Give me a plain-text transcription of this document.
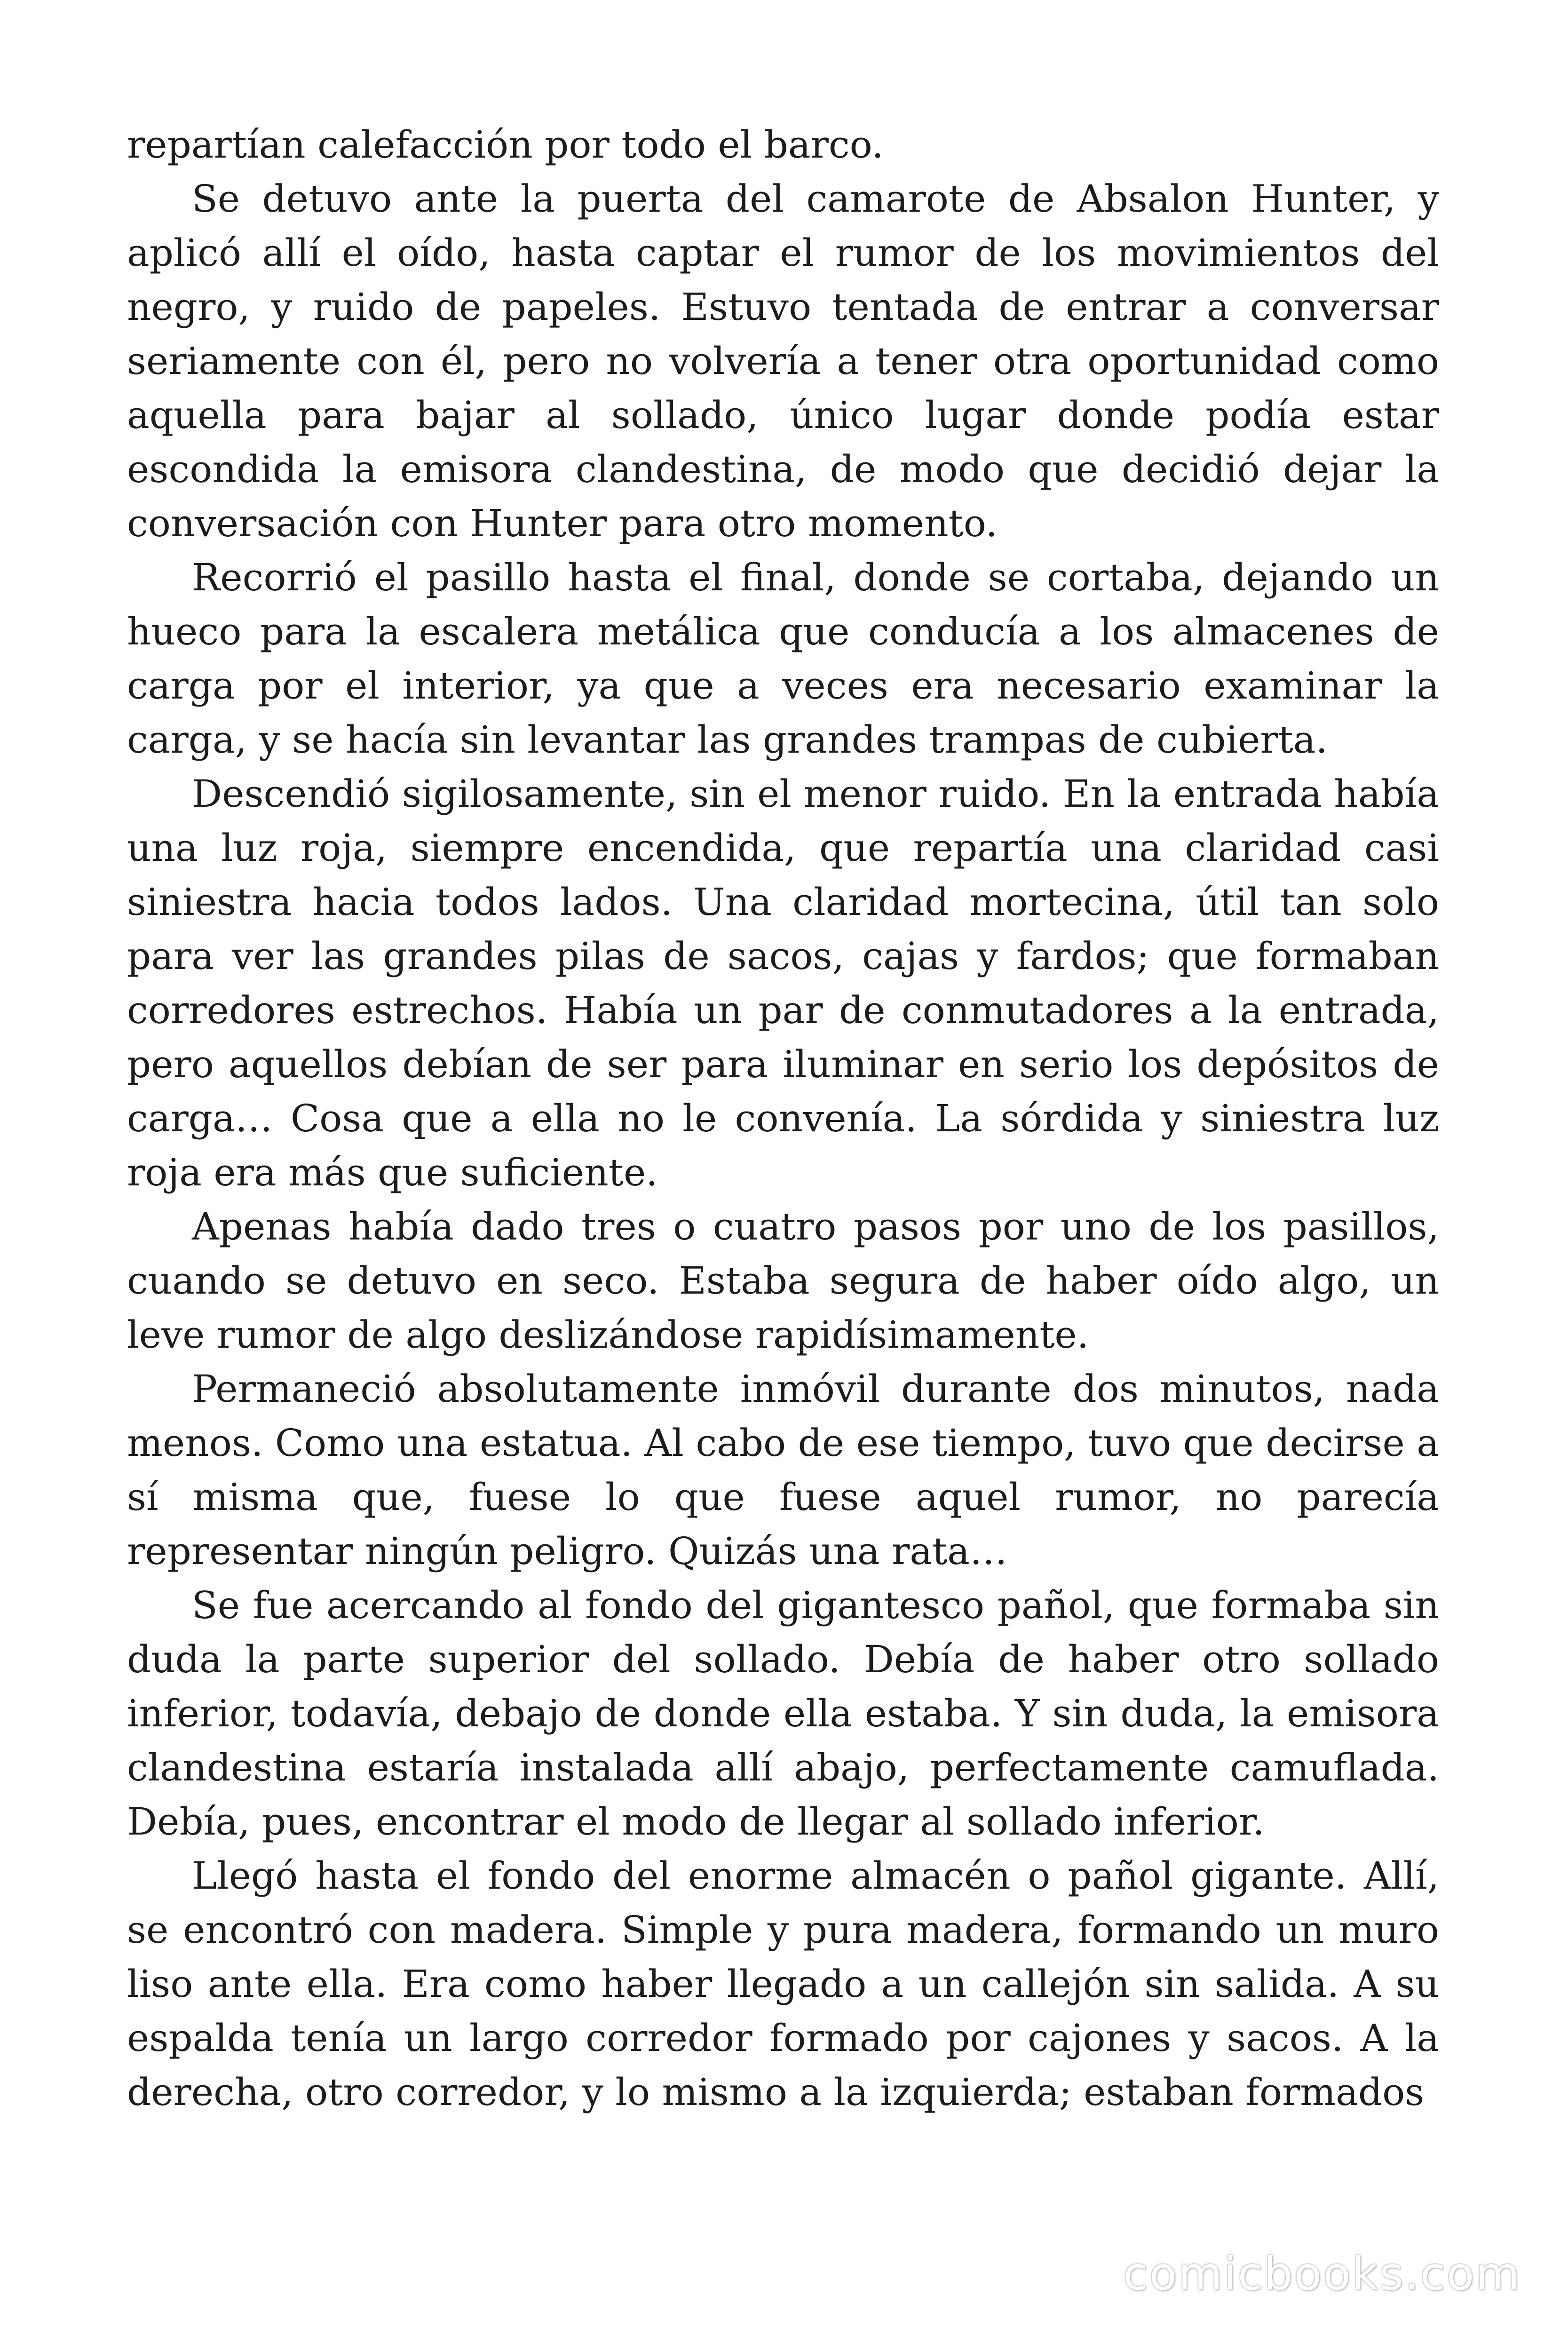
repartían calefacción por todo el barco.

Se detuvo ante la puerta del camarote de Absalon Hunter, y aplicó allí el oído, hasta captar el rumor de los movimientos del negro, y ruido de papeles. Estuvo tentada de entrar a conversar seriamente con él, pero no volvería a tener otra oportunidad como aquella para bajar al sollado, único lugar donde podía estar escondida la emisora clandestina, de modo que decidió dejar la conversación con Hunter para otro momento.

Recorrió el pasillo hasta el final, donde se cortaba, dejando un hueco para la escalera metálica que conducía a los almacenes de carga por el interior, ya que a veces era necesario examinar la carga, y se hacía sin levantar las grandes trampas de cubierta.

Descendió sigilosamente, sin el menor ruido. En la entrada había una luz roja, siempre encendida, que repartía una claridad casi siniestra hacia todos lados. Una claridad mortecina, útil tan solo para ver las grandes pilas de sacos, cajas y fardos; que formaban corredores estrechos. Había un par de conmutadores a la entrada, pero aquellos debían de ser para iluminar en serio los depósitos de carga… Cosa que a ella no le convenía. La sórdida y siniestra luz roja era más que suficiente.

Apenas había dado tres o cuatro pasos por uno de los pasillos, cuando se detuvo en seco. Estaba segura de haber oído algo, un leve rumor de algo deslizándose rapidísimamente.

Permaneció absolutamente inmóvil durante dos minutos, nada menos. Como una estatua. Al cabo de ese tiempo, tuvo que decirse a sí misma que, fuese lo que fuese aquel rumor, no parecía representar ningún peligro. Quizás una rata…

Se fue acercando al fondo del gigantesco pañol, que formaba sin duda la parte superior del sollado. Debía de haber otro sollado inferior, todavía, debajo de donde ella estaba. Y sin duda, la emisora clandestina estaría instalada allí abajo, perfectamente camuflada. Debía, pues, encontrar el modo de llegar al sollado inferior.

Llegó hasta el fondo del enorme almacén o pañol gigante. Allí, se encontró con madera. Simple y pura madera, formando un muro liso ante ella. Era como haber llegado a un callejón sin salida. A su espalda tenía un largo corredor formado por cajones y sacos. A la derecha, otro corredor, y lo mismo a la izquierda; estaban formados

comicbooks.com
